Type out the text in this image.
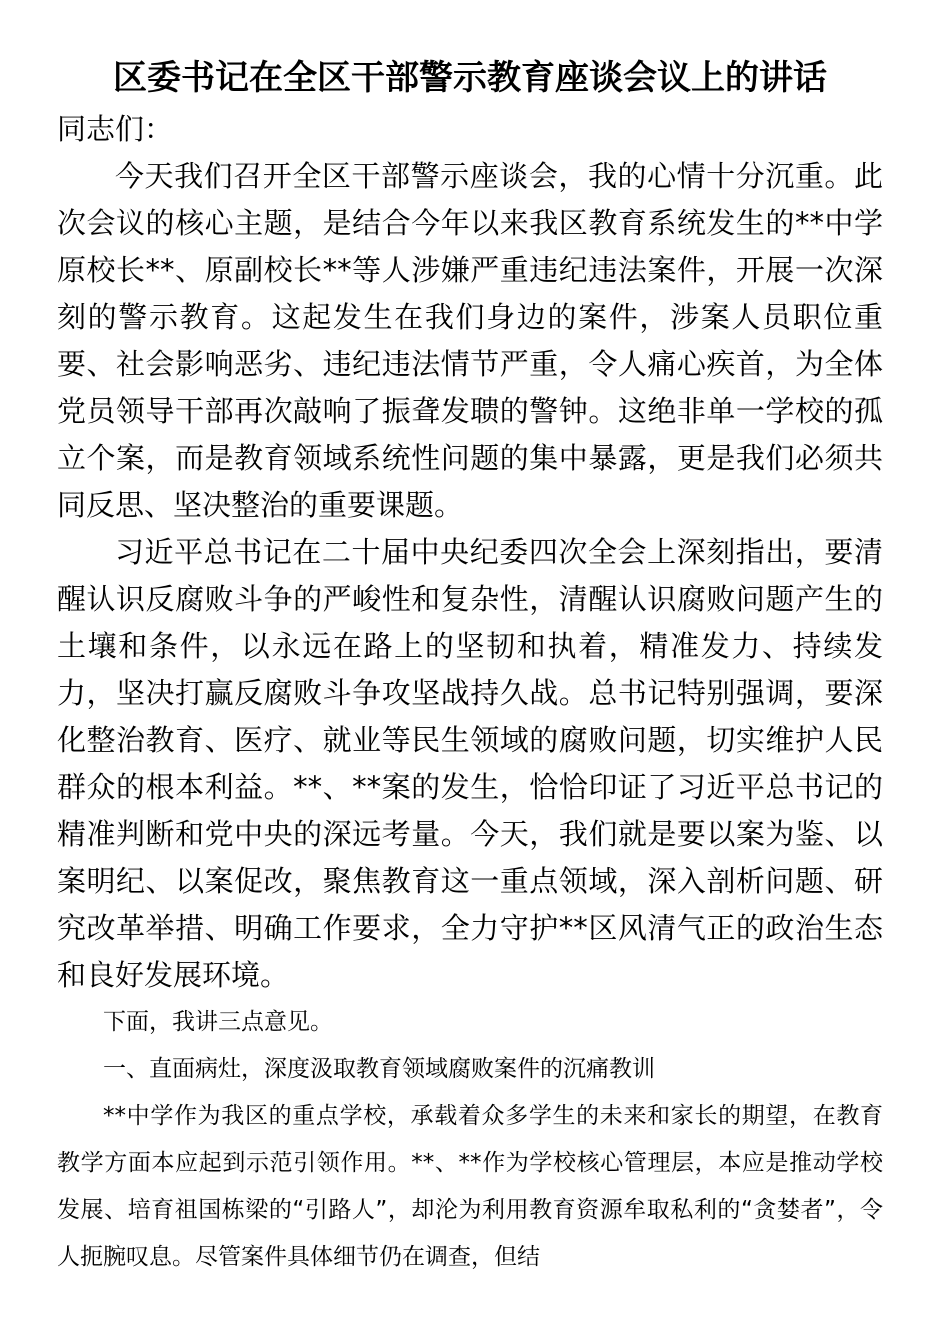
区委书记在全区干部警示教育座谈会议上的讲话

同志们：

今天我们召开全区干部警示座谈会，我的心情十分沉重。此次会议的核心主题，是结合今年以来我区教育系统发生的**中学原校长**、原副校长**等人涉嫌严重违纪违法案件，开展一次深刻的警示教育。这起发生在我们身边的案件，涉案人员职位重要、社会影响恶劣、违纪违法情节严重，令人痛心疾首，为全体党员领导干部再次敲响了振聋发聩的警钟。这绝非单一学校的孤立个案，而是教育领域系统性问题的集中暴露，更是我们必须共同反思、坚决整治的重要课题。

习近平总书记在二十届中央纪委四次全会上深刻指出，要清醒认识反腐败斗争的严峻性和复杂性，清醒认识腐败问题产生的土壤和条件，以永远在路上的坚韧和执着，精准发力、持续发力，坚决打赢反腐败斗争攻坚战持久战。总书记特别强调，要深化整治教育、医疗、就业等民生领域的腐败问题，切实维护人民群众的根本利益。**、**案的发生，恰恰印证了习近平总书记的精准判断和党中央的深远考量。今天，我们就是要以案为鉴、以案明纪、以案促改，聚焦教育这一重点领域，深入剖析问题、研究改革举措、明确工作要求，全力守护**区风清气正的政治生态和良好发展环境。

下面，我讲三点意见。

一、直面病灶，深度汲取教育领域腐败案件的沉痛教训

**中学作为我区的重点学校，承载着众多学生的未来和家长的期望，在教育教学方面本应起到示范引领作用。**、**作为学校核心管理层，本应是推动学校发展、培育祖国栋梁的“引路人”，却沦为利用教育资源牟取私利的“贪婪者”，令人扼腕叹息。尽管案件具体细节仍在调查，但结
